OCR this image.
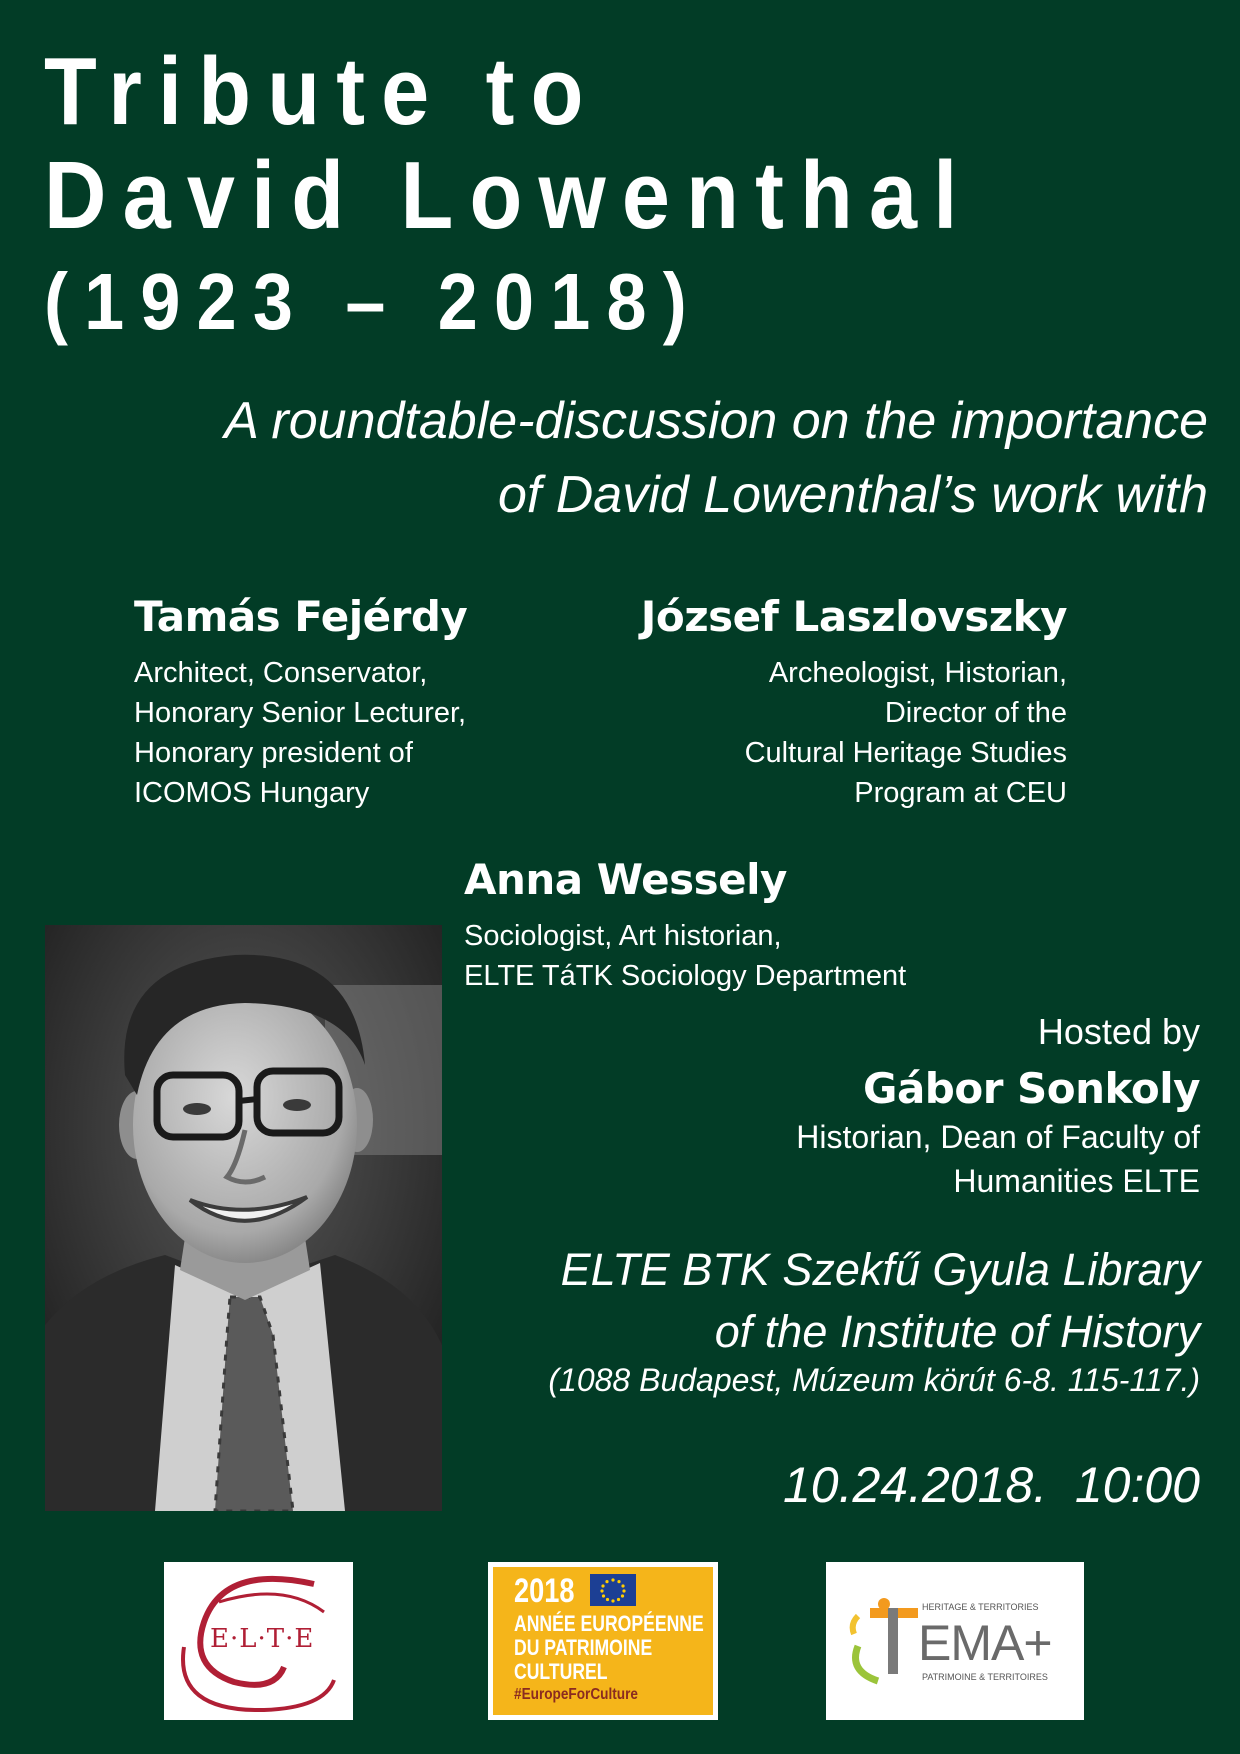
Tribute to
David Lowenthal
(1923 – 2018)
A roundtable-discussion on the importance
of David Lowenthal’s work with
Tamás Fejérdy
Architect, Conservator,
Honorary Senior Lecturer,
Honorary president of
ICOMOS Hungary
József Laszlovszky
Archeologist, Historian,
Director of the
Cultural Heritage Studies
Program at CEU
Anna Wessely
Sociologist, Art historian,
ELTE TáTK Sociology Department
Hosted by
Gábor Sonkoly
Historian, Dean of Faculty of
Humanities ELTE
ELTE BTK Szekfű Gyula Library
of the Institute of History
(1088 Budapest, Múzeum körút 6-8. 115-117.)
10.24.2018.  10:00
E·L·T·E
2018
ANNÉE EUROPÉENNE
DU PATRIMOINE
CULTUREL
#EuropeForCulture
HERITAGE & TERRITORIES
EMA+
PATRIMOINE & TERRITOIRES
